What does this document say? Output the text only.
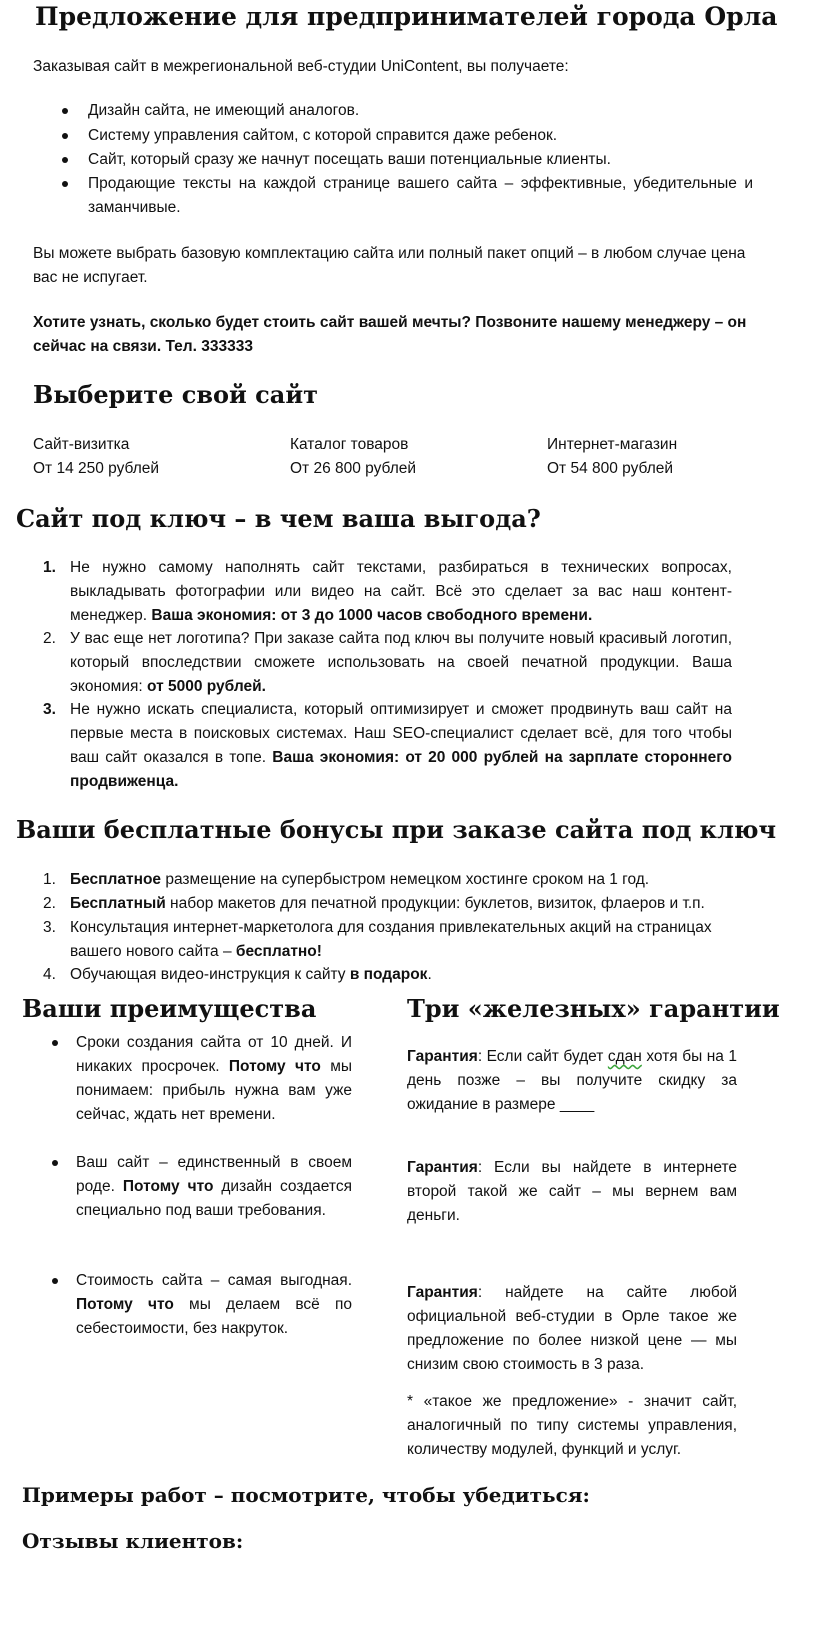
Предложение для предпринимателей города Орла
Заказывая сайт в межрегиональной веб-студии UniContent, вы получаете:
Дизайн сайта, не имеющий аналогов.
Систему управления сайтом, с которой справится даже ребенок.
Сайт, который сразу же начнут посещать ваши потенциальные клиенты.
Продающие тексты на каждой странице вашего сайта – эффективные, убедительные и заманчивые.
Вы можете выбрать базовую комплектацию сайта или полный пакет опций – в любом случае цена вас не испугает.
Хотите узнать, сколько будет стоить сайт вашей мечты? Позвоните нашему менеджеру – он сейчас на связи. Тел. 333333
Выберите свой сайт
Сайт-визитка
От 14 250 рублей
Каталог товаров
От 26 800 рублей
Интернет-магазин
От 54 800 рублей
Сайт под ключ – в чем ваша выгода?
1. Не нужно самому наполнять сайт текстами, разбираться в технических вопросах, выкладывать фотографии или видео на сайт. Всё это сделает за вас наш контент-менеджер. Ваша экономия: от 3 до 1000 часов свободного времени.
2. У вас еще нет логотипа? При заказе сайта под ключ вы получите новый красивый логотип, который впоследствии сможете использовать на своей печатной продукции. Ваша экономия: от 5000 рублей.
3. Не нужно искать специалиста, который оптимизирует и сможет продвинуть ваш сайт на первые места в поисковых системах. Наш SEO-специалист сделает всё, для того чтобы ваш сайт оказался в топе. Ваша экономия: от 20 000 рублей на зарплате стороннего продвиженца.
Ваши бесплатные бонусы при заказе сайта под ключ
1. Бесплатное размещение на супербыстром немецком хостинге сроком на 1 год.
2. Бесплатный набор макетов для печатной продукции: буклетов, визиток, флаеров и т.п.
3. Консультация интернет-маркетолога для создания привлекательных акций на страницах вашего нового сайта – бесплатно!
4. Обучающая видео-инструкция к сайту в подарок.
Ваши преимущества
Сроки создания сайта от 10 дней. И никаких просрочек. Потому что мы понимаем: прибыль нужна вам уже сейчас, ждать нет времени.
Ваш сайт – единственный в своем роде. Потому что дизайн создается специально под ваши требования.
Стоимость сайта – самая выгодная. Потому что мы делаем всё по себестоимости, без накруток.
Три «железных» гарантии
Гарантия: Если сайт будет сдан хотя бы на 1 день позже – вы получите скидку за ожидание в размере ____
Гарантия: Если вы найдете в интернете второй такой же сайт – мы вернем вам деньги.
Гарантия: найдете на сайте любой официальной веб-студии в Орле такое же предложение по более низкой цене — мы снизим свою стоимость в 3 раза.
* «такое же предложение» - значит сайт, аналогичный по типу системы управления, количеству модулей, функций и услуг.
Примеры работ – посмотрите, чтобы убедиться:
Отзывы клиентов:
